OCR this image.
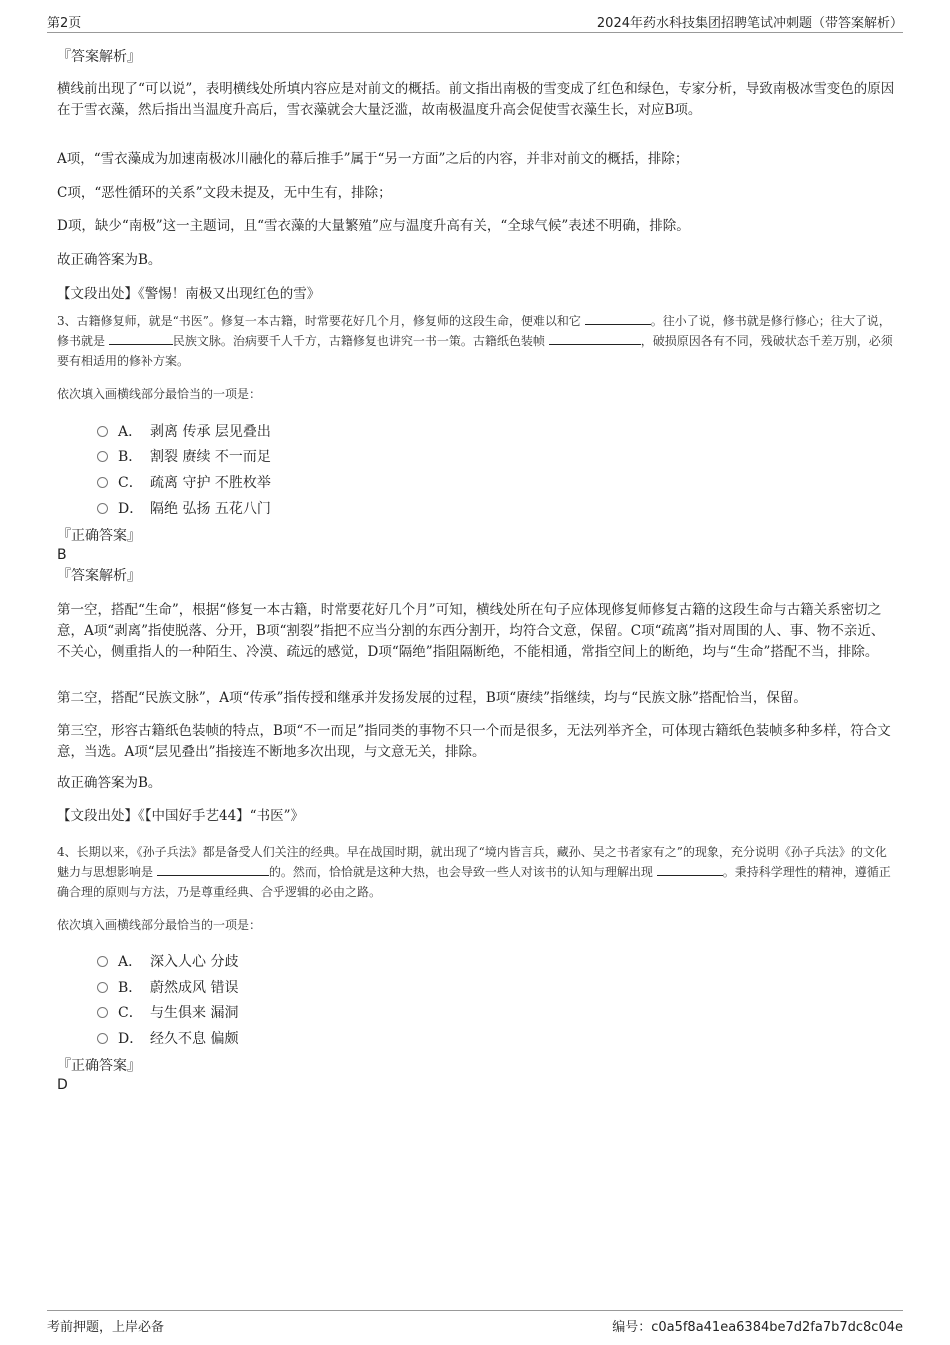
第2页	2024年药水科技集团招聘笔试冲刺题（带答案解析）
『答案解析』
横线前出现了“可以说”，表明横线处所填内容应是对前文的概括。前文指出南极的雪变成了红色和绿色，专家分析，导致南极冰雪变色的原因在于雪衣藻，然后指出当温度升高后，雪衣藻就会大量泛滥，故南极温度升高会促使雪衣藻生长，对应B项。
A项，“雪衣藻成为加速南极冰川融化的幕后推手”属于“另一方面”之后的内容，并非对前文的概括，排除；
C项，“恶性循环的关系”文段未提及，无中生有，排除；
D项，缺少“南极”这一主题词，且“雪衣藻的大量繁殖”应与温度升高有关，“全球气候”表述不明确，排除。
故正确答案为B。
【文段出处】《警惕！南极又出现红色的雪》
3、古籍修复师，就是“书医”。修复一本古籍，时常要花好几个月，修复师的这段生命，便难以和它	。往小了说，修书就是修行修心；往大了说，修书就是	民族文脉。治病要千人千方，古籍修复也讲究一书一策。古籍纸色装帧	，破损原因各有不同，残破状态千差万别，必须要有相适用的修补方案。
依次填入画横线部分最恰当的一项是：
A． 剥离 传承 层见叠出
B． 割裂 赓续 不一而足
C． 疏离 守护 不胜枚举
D． 隔绝 弘扬 五花八门
『正确答案』
B
『答案解析』
第一空，搭配“生命”，根据“修复一本古籍，时常要花好几个月”可知，横线处所在句子应体现修复师修复古籍的这段生命与古籍关系密切之意，A项“剥离”指使脱落、分开，B项“割裂”指把不应当分割的东西分割开，均符合文意，保留。C项“疏离”指对周围的人、事、物不亲近、不关心，侧重指人的一种陌生、冷漠、疏远的感觉，D项“隔绝”指阻隔断绝，不能相通，常指空间上的断绝，均与“生命”搭配不当，排除。
第二空，搭配“民族文脉”，A项“传承”指传授和继承并发扬发展的过程，B项“赓续”指继续，均与“民族文脉”搭配恰当，保留。
第三空，形容古籍纸色装帧的特点，B项“不一而足”指同类的事物不只一个而是很多，无法列举齐全，可体现古籍纸色装帧多种多样，符合文意，当选。A项“层见叠出”指接连不断地多次出现，与文意无关，排除。
故正确答案为B。
【文段出处】《【中国好手艺44】“书医”》
4、长期以来，《孙子兵法》都是备受人们关注的经典。早在战国时期，就出现了“境内皆言兵，藏孙、吴之书者家有之”的现象，充分说明《孙子兵法》的文化魅力与思想影响是	的。然而，恰恰就是这种大热，也会导致一些人对该书的认知与理解出现	。秉持科学理性的精神，遵循正确合理的原则与方法，乃是尊重经典、合乎逻辑的必由之路。
依次填入画横线部分最恰当的一项是：
A． 深入人心 分歧
B． 蔚然成风 错误
C． 与生俱来 漏洞
D． 经久不息 偏颇
『正确答案』
D
考前押题，上岸必备	编号：c0a5f8a41ea6384be7d2fa7b7dc8c04e
